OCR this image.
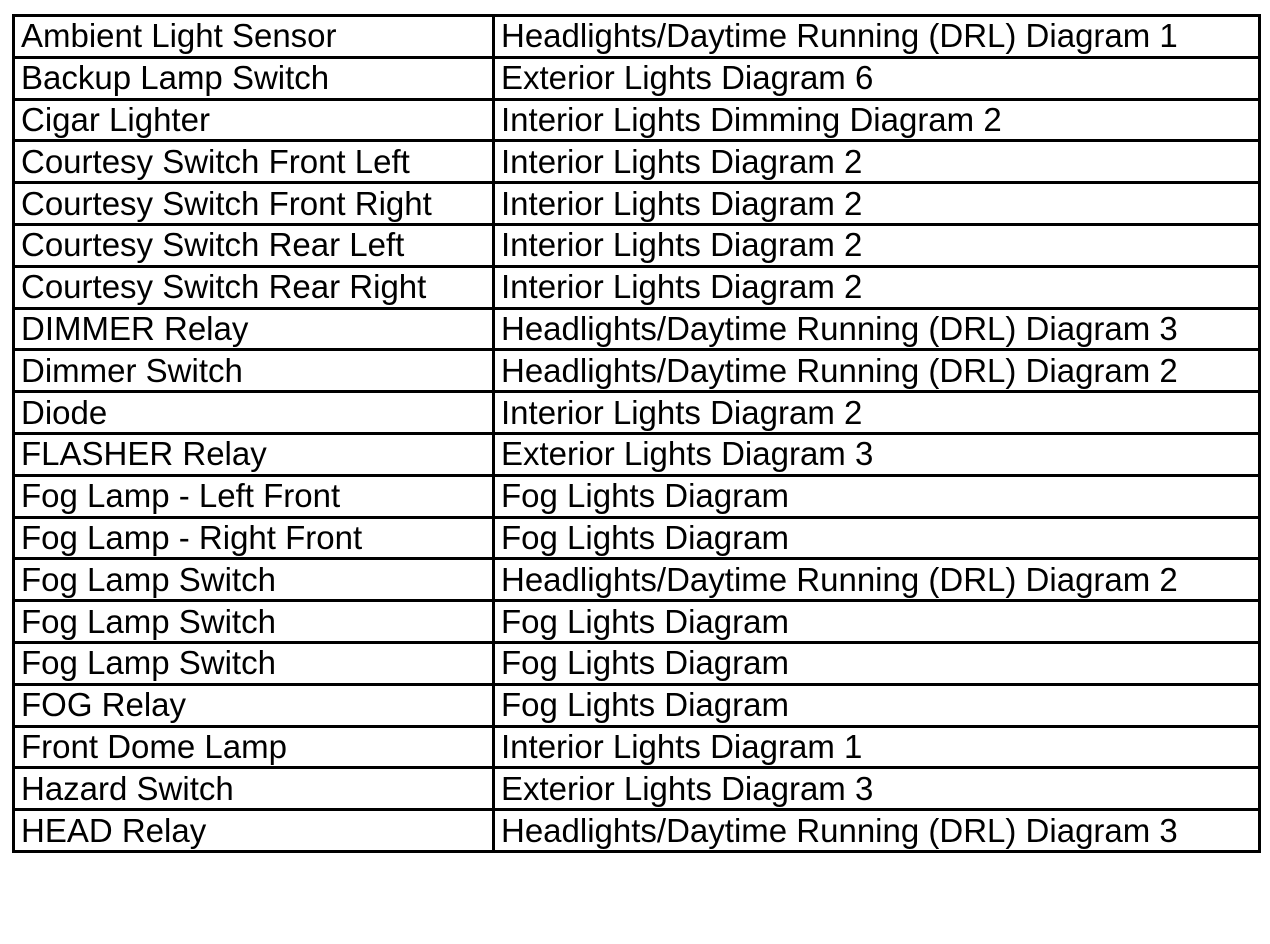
Ambient Light Sensor	Headlights/Daytime Running (DRL) Diagram 1
Backup Lamp Switch	Exterior Lights Diagram 6
Cigar Lighter	Interior Lights Dimming Diagram 2
Courtesy Switch Front Left	Interior Lights Diagram 2
Courtesy Switch Front Right	Interior Lights Diagram 2
Courtesy Switch Rear Left	Interior Lights Diagram 2
Courtesy Switch Rear Right	Interior Lights Diagram 2
DIMMER Relay	Headlights/Daytime Running (DRL) Diagram 3
Dimmer Switch	Headlights/Daytime Running (DRL) Diagram 2
Diode	Interior Lights Diagram 2
FLASHER Relay	Exterior Lights Diagram 3
Fog Lamp - Left Front	Fog Lights Diagram
Fog Lamp - Right Front	Fog Lights Diagram
Fog Lamp Switch	Headlights/Daytime Running (DRL) Diagram 2
Fog Lamp Switch	Fog Lights Diagram
Fog Lamp Switch	Fog Lights Diagram
FOG Relay	Fog Lights Diagram
Front Dome Lamp	Interior Lights Diagram 1
Hazard Switch	Exterior Lights Diagram 3
HEAD Relay	Headlights/Daytime Running (DRL) Diagram 3
